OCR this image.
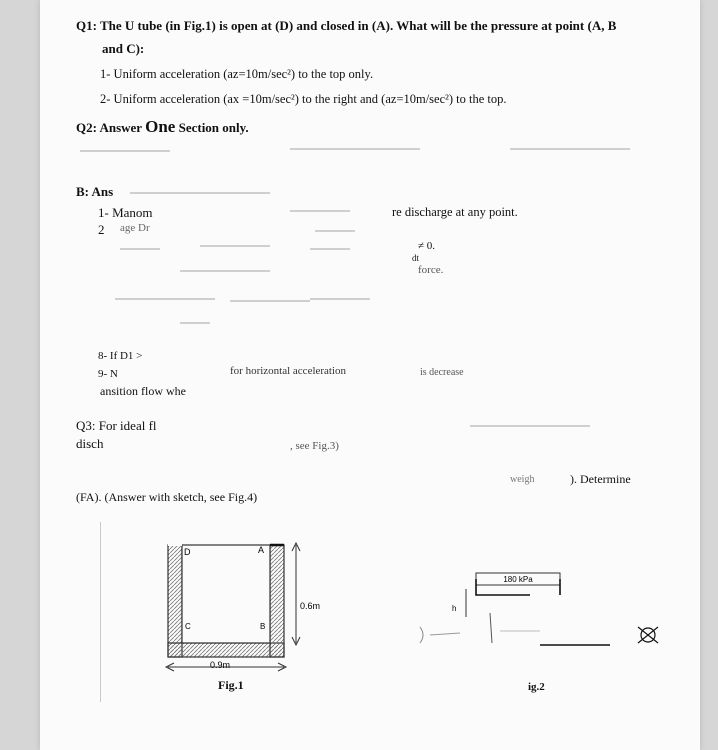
Q1: The U tube (in Fig.1) is open at (D) and closed in (A). What will be the pressure at point (A, B
and C):
1- Uniform acceleration (az=10m/sec²) to the top only.
2- Uniform acceleration (ax =10m/sec²) to the right and (az=10m/sec²) to the top.
Q2: Answer One Section only.
B: Ans
1- Manom	re discharge at any point.
2 age Dr
≠ 0.
dt
force.
8- If D1 >
9- N	for horizontal acceleration	is decrease
ansition flow whe
Q3: For ideal fl
disch	, see Fig.3)
weigh	). Determine
(FA). (Answer with sketch, see Fig.4)
D	A
B
C
0.6m
0.9m
Fig.1
180 kPa
h
ig.2
